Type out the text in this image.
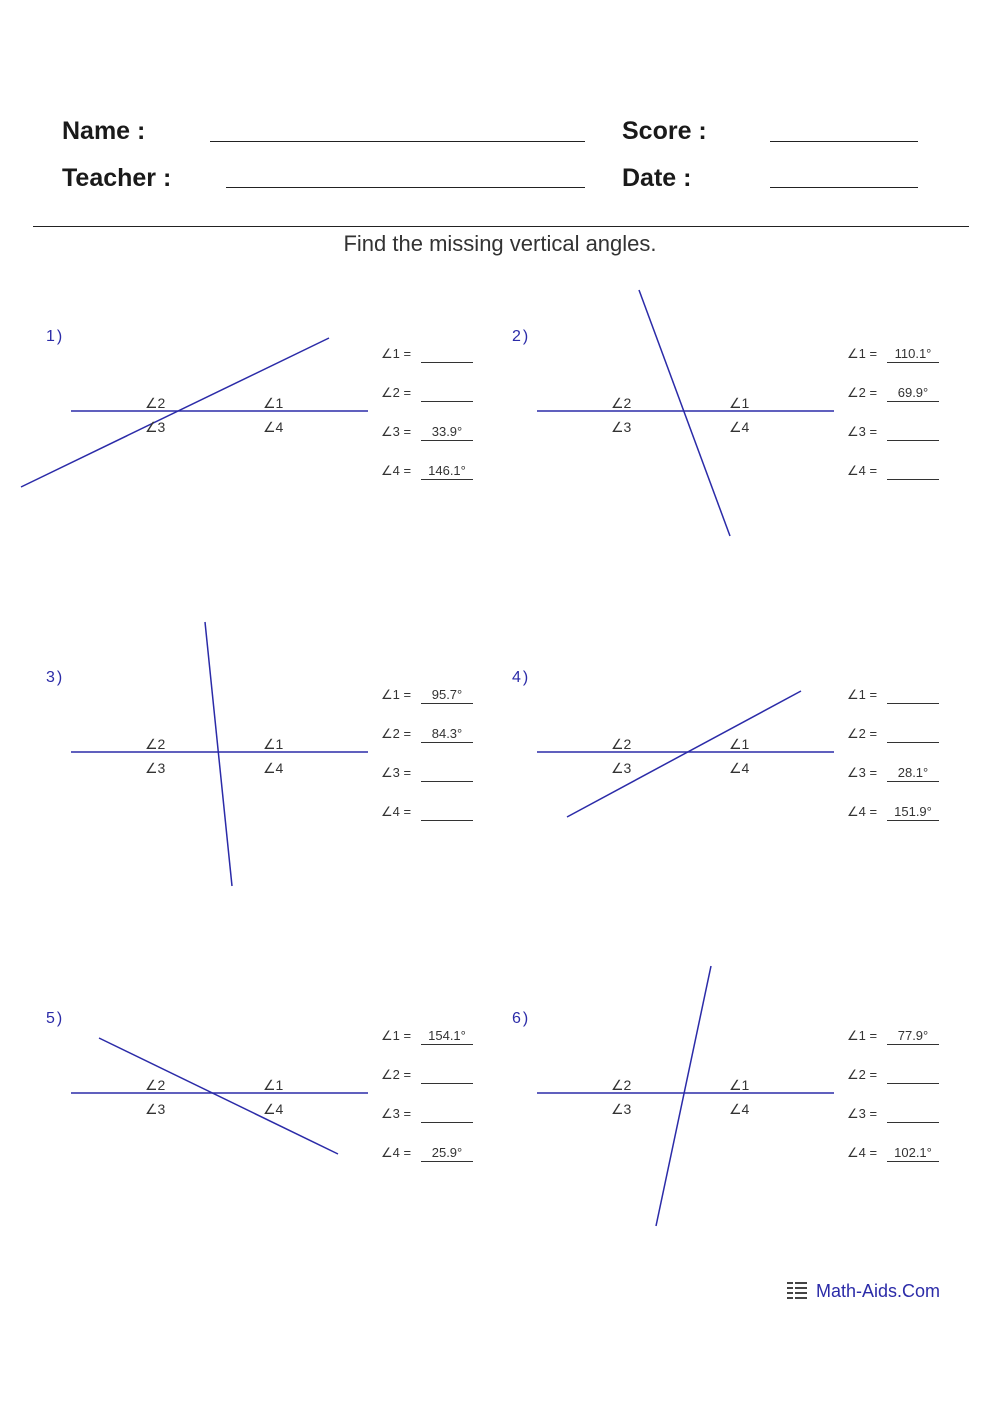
Name :
Teacher :
Score :
Date :
Find the missing vertical angles.
1)
∠1
∠2
∠3	∠4
∠1 =
∠2 =
∠3 =	33.9°
∠4 =	146.1°
2)
∠1
∠2
∠3	∠4
∠1 =	110.1°
∠2 =	69.9°
∠3 =
∠4 =
3)
∠1
∠2
∠3	∠4
∠1 =	95.7°
∠2 =	84.3°
∠3 =
∠4 =
4)
∠1
∠2
∠3	∠4
∠1 =
∠2 =
∠3 =	28.1°
∠4 =	151.9°
5)
∠1
∠2
∠3	∠4
∠1 =	154.1°
∠2 =
∠3 =
∠4 =	25.9°
6)
∠1
∠2
∠3	∠4
∠1 =	77.9°
∠2 =
∠3 =
∠4 =	102.1°
Math-Aids.Com
